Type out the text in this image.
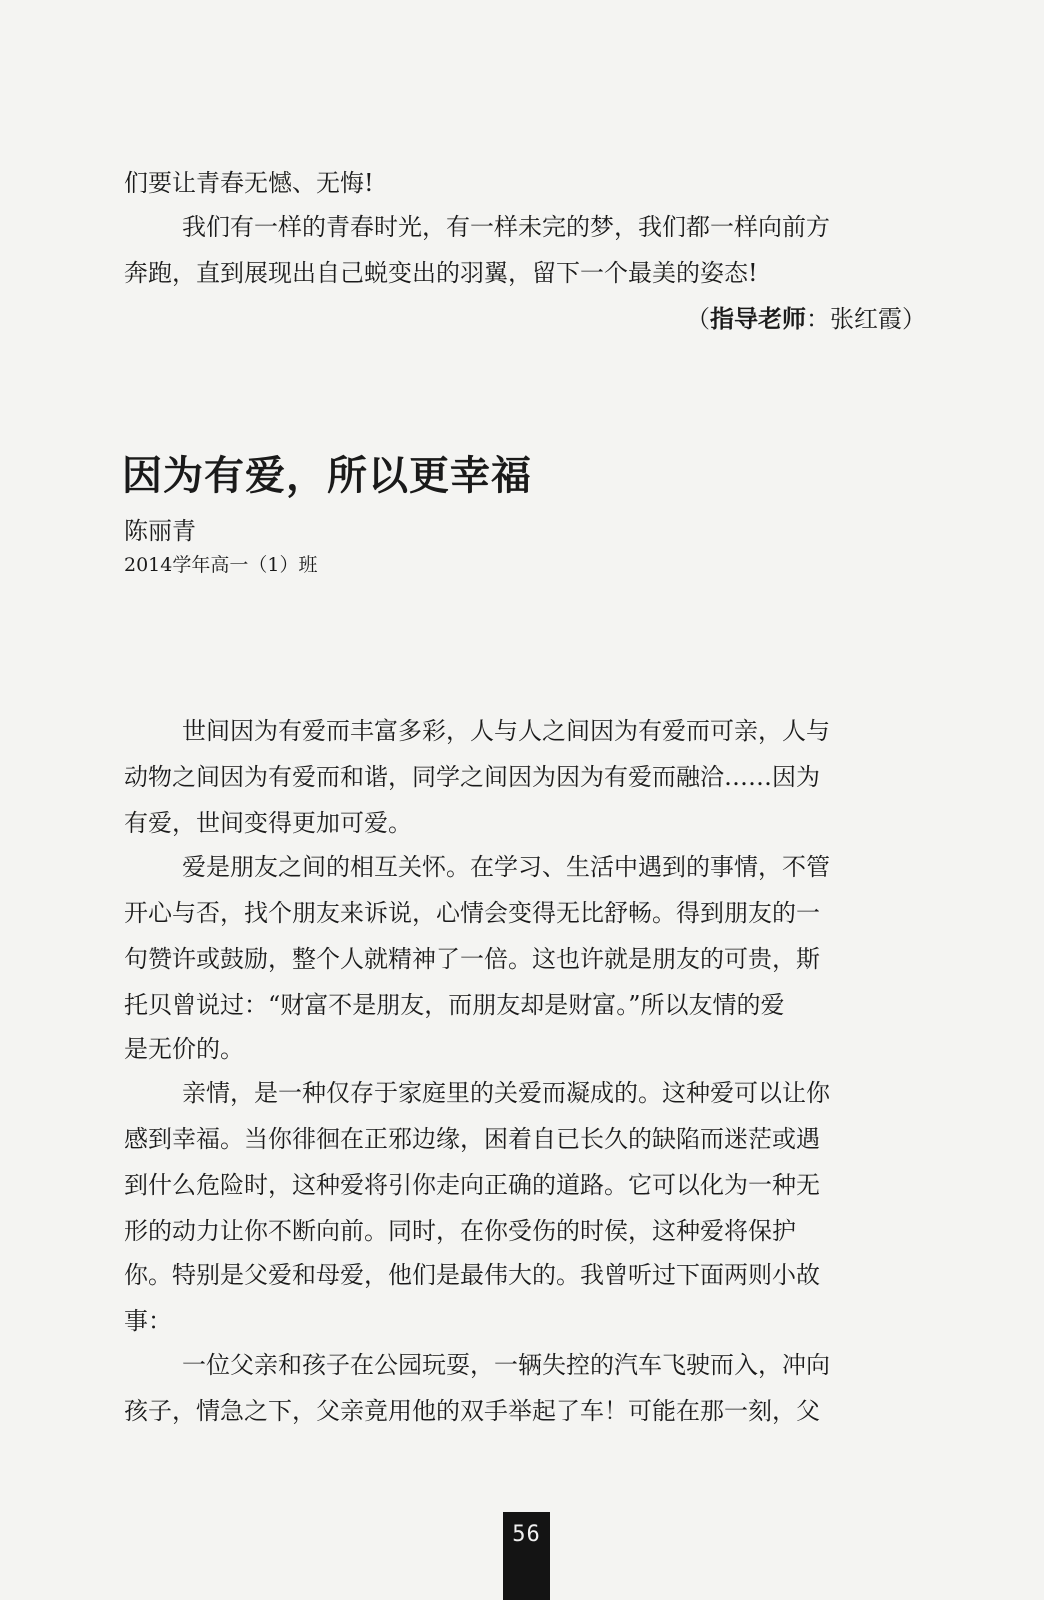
们要让青春无憾、无悔!
我们有一样的青春时光，有一样未完的梦，我们都一样向前方
奔跑，直到展现出自己蜕变出的羽翼，留下一个最美的姿态!
（指导老师：张红霞）
因为有爱，所以更幸福
陈丽青
2014学年高一（1）班
世间因为有爱而丰富多彩，人与人之间因为有爱而可亲，人与
动物之间因为有爱而和谐，同学之间因为因为有爱而融洽……因为
有爱，世间变得更加可爱。
爱是朋友之间的相互关怀。在学习、生活中遇到的事情，不管
开心与否，找个朋友来诉说，心情会变得无比舒畅。得到朋友的一
句赞许或鼓励，整个人就精神了一倍。这也许就是朋友的可贵，斯
托贝曾说过：“财富不是朋友，而朋友却是财富。”所以友情的爱
是无价的。
亲情，是一种仅存于家庭里的关爱而凝成的。这种爱可以让你
感到幸福。当你徘徊在正邪边缘，困着自已长久的缺陷而迷茫或遇
到什么危险时，这种爱将引你走向正确的道路。它可以化为一种无
形的动力让你不断向前。同时，在你受伤的时侯，这种爱将保护
你。特别是父爱和母爱，他们是最伟大的。我曾听过下面两则小故
事：
一位父亲和孩子在公园玩耍，一辆失控的汽车飞驶而入，冲向
孩子，情急之下，父亲竟用他的双手举起了车！可能在那一刻，父
56
